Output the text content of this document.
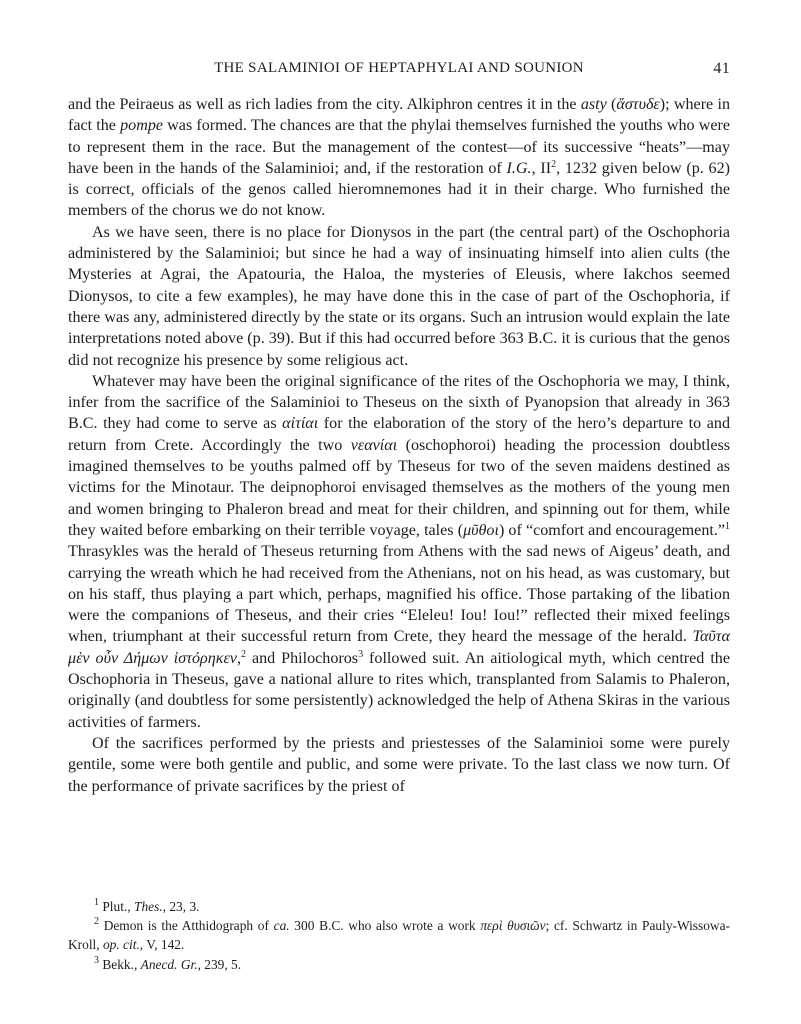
THE SALAMINIOI OF HEPTAPHYLAI AND SOUNION	41

and the Peiraeus as well as rich ladies from the city. Alkiphron centres it in the asty (ἄστυδε); where in fact the pompe was formed. The chances are that the phylai themselves furnished the youths who were to represent them in the race. But the management of the contest—of its successive “heats”—may have been in the hands of the Salaminioi; and, if the restoration of I.G., $II^2$, 1232 given below (p. 62) is correct, officials of the genos called hieromnemones had it in their charge. Who furnished the members of the chorus we do not know.

As we have seen, there is no place for Dionysos in the part (the central part) of the Oschophoria administered by the Salaminioi; but since he had a way of insinuating himself into alien cults (the Mysteries at Agrai, the Apatouria, the Haloa, the mysteries of Eleusis, where Iakchos seemed Dionysos, to cite a few examples), he may have done this in the case of part of the Oschophoria, if there was any, administered directly by the state or its organs. Such an intrusion would explain the late interpretations noted above (p. 39). But if this had occurred before 363 B.C. it is curious that the genos did not recognize his presence by some religious act.

Whatever may have been the original significance of the rites of the Oschophoria we may, I think, infer from the sacrifice of the Salaminioi to Theseus on the sixth of Pyanopsion that already in 363 B.C. they had come to serve as αἰτίαι for the elaboration of the story of the hero’s departure to and return from Crete. Accordingly the two νεανίαι (oschophoroi) heading the procession doubtless imagined themselves to be youths palmed off by Theseus for two of the seven maidens destined as victims for the Minotaur. The deipnophoroi envisaged themselves as the mothers of the young men and women bringing to Phaleron bread and meat for their children, and spinning out for them, while they waited before embarking on their terrible voyage, tales (μῦθοι) of “comfort and encouragement.”$^1$ Thrasykles was the herald of Theseus returning from Athens with the sad news of Aigeus’ death, and carrying the wreath which he had received from the Athenians, not on his head, as was customary, but on his staff, thus playing a part which, perhaps, magnified his office. Those partaking of the libation were the companions of Theseus, and their cries “Eleleu! Iou! Iou!” reflected their mixed feelings when, triumphant at their successful return from Crete, they heard the message of the herald. Ταῦτα μὲν οὖν Δήμων ἱστόρηκεν,$^2$ and Philochoros$^3$ followed suit. An aitiological myth, which centred the Oschophoria in Theseus, gave a national allure to rites which, transplanted from Salamis to Phaleron, originally (and doubtless for some persistently) acknowledged the help of Athena Skiras in the various activities of farmers.

Of the sacrifices performed by the priests and priestesses of the Salaminioi some were purely gentile, some were both gentile and public, and some were private. To the last class we now turn. Of the performance of private sacrifices by the priest of

$^1$ Plut., Thes., 23, 3.

$^2$ Demon is the Atthidograph of ca. 300 B.C. who also wrote a work περὶ θυσιῶν; cf. Schwartz in Pauly-Wissowa-Kroll, op. cit., V, 142.

$^3$ Bekk., Anecd. Gr., 239, 5.
